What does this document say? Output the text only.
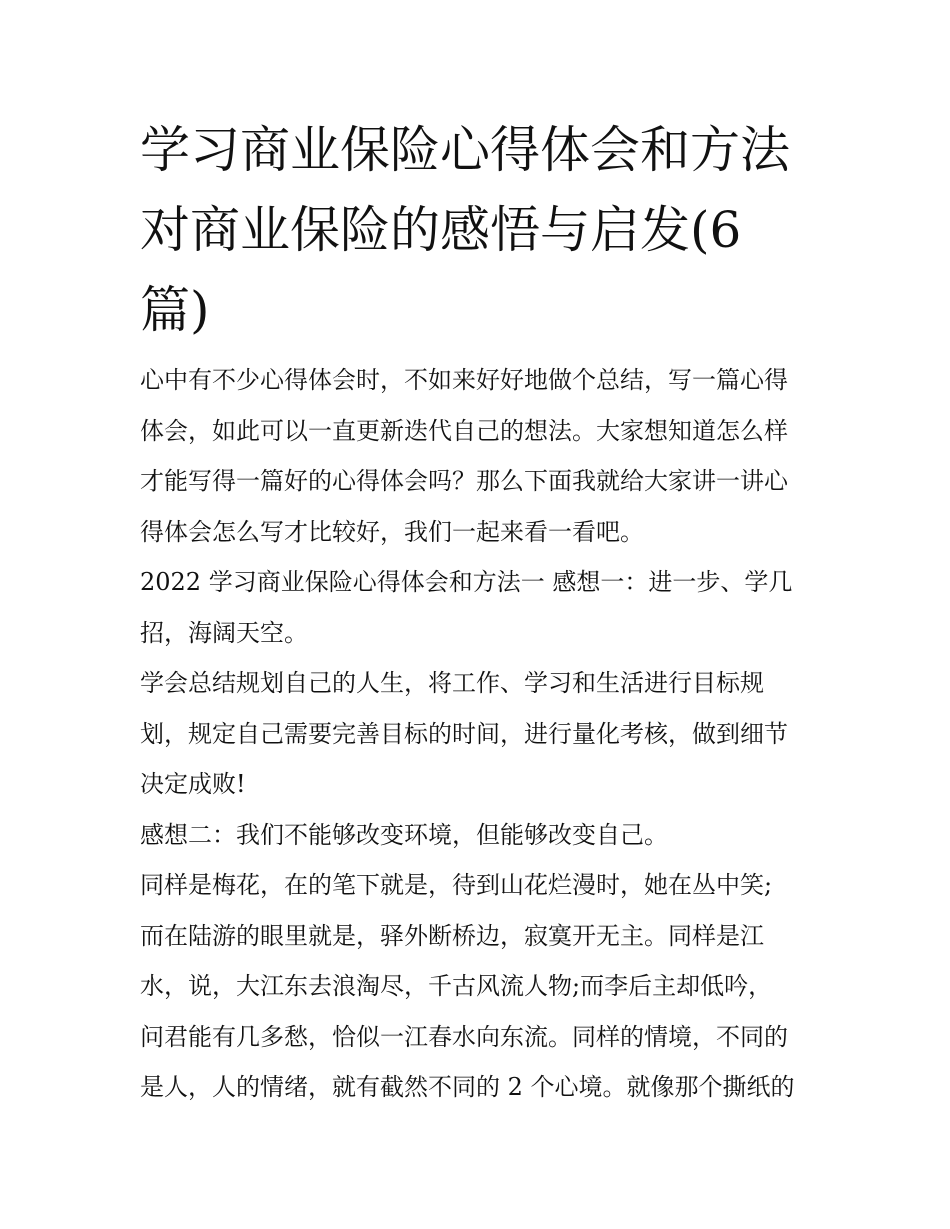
学习商业保险心得体会和方法
对商业保险的感悟与启发(6
篇)
心中有不少心得体会时，不如来好好地做个总结，写一篇心得
体会，如此可以一直更新迭代自己的想法。大家想知道怎么样
才能写得一篇好的心得体会吗？那么下面我就给大家讲一讲心
得体会怎么写才比较好，我们一起来看一看吧。
2022 学习商业保险心得体会和方法一 感想一：进一步、学几
招，海阔天空。
学会总结规划自己的人生，将工作、学习和生活进行目标规
划，规定自己需要完善目标的时间，进行量化考核，做到细节
决定成败!
感想二：我们不能够改变环境，但能够改变自己。
同样是梅花，在的笔下就是，待到山花烂漫时，她在丛中笑;
而在陆游的眼里就是，驿外断桥边，寂寞开无主。同样是江
水，说，大江东去浪淘尽，千古风流人物;而李后主却低吟，
问君能有几多愁，恰似一江春水向东流。同样的情境，不同的
是人，人的情绪，就有截然不同的 2 个心境。就像那个撕纸的
